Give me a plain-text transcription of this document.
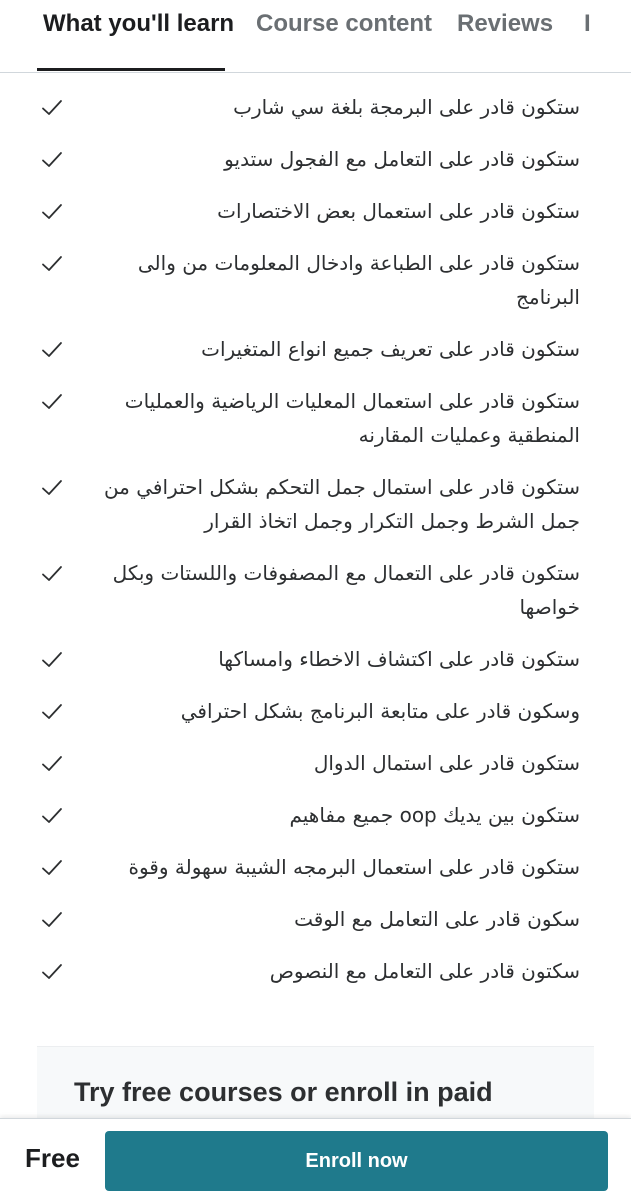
What you'll learn Course content Reviews I
ستكون قادر على البرمجة بلغة سي شارب
ستكون قادر على التعامل مع الفجول ستديو
ستكون قادر على استعمال بعض الاختصارات
ستكون قادر على الطباعة وادخال المعلومات من والى
البرنامج
ستكون قادر على تعريف جميع انواع المتغيرات
ستكون قادر على استعمال المعليات الرياضية والعمليات
المنطقية وعمليات المقارنه
ستكون قادر على استمال جمل التحكم بشكل احترافي من
جمل الشرط وجمل التكرار وجمل اتخاذ القرار
ستكون قادر على التعمال مع المصفوفات واللستات وبكل
خواصها
ستكون قادر على اكتشاف الاخطاء وامساكها
وسكون قادر على متابعة البرنامج بشكل احترافي
ستكون قادر على استمال الدوال
ستكون بين يديك oop جميع مفاهيم
ستكون قادر على استعمال البرمجه الشيبة سهولة وقوة
سكون قادر على التعامل مع الوقت
سكتون قادر على التعامل مع النصوص
Try free courses or enroll in paid
Free	Enroll now
